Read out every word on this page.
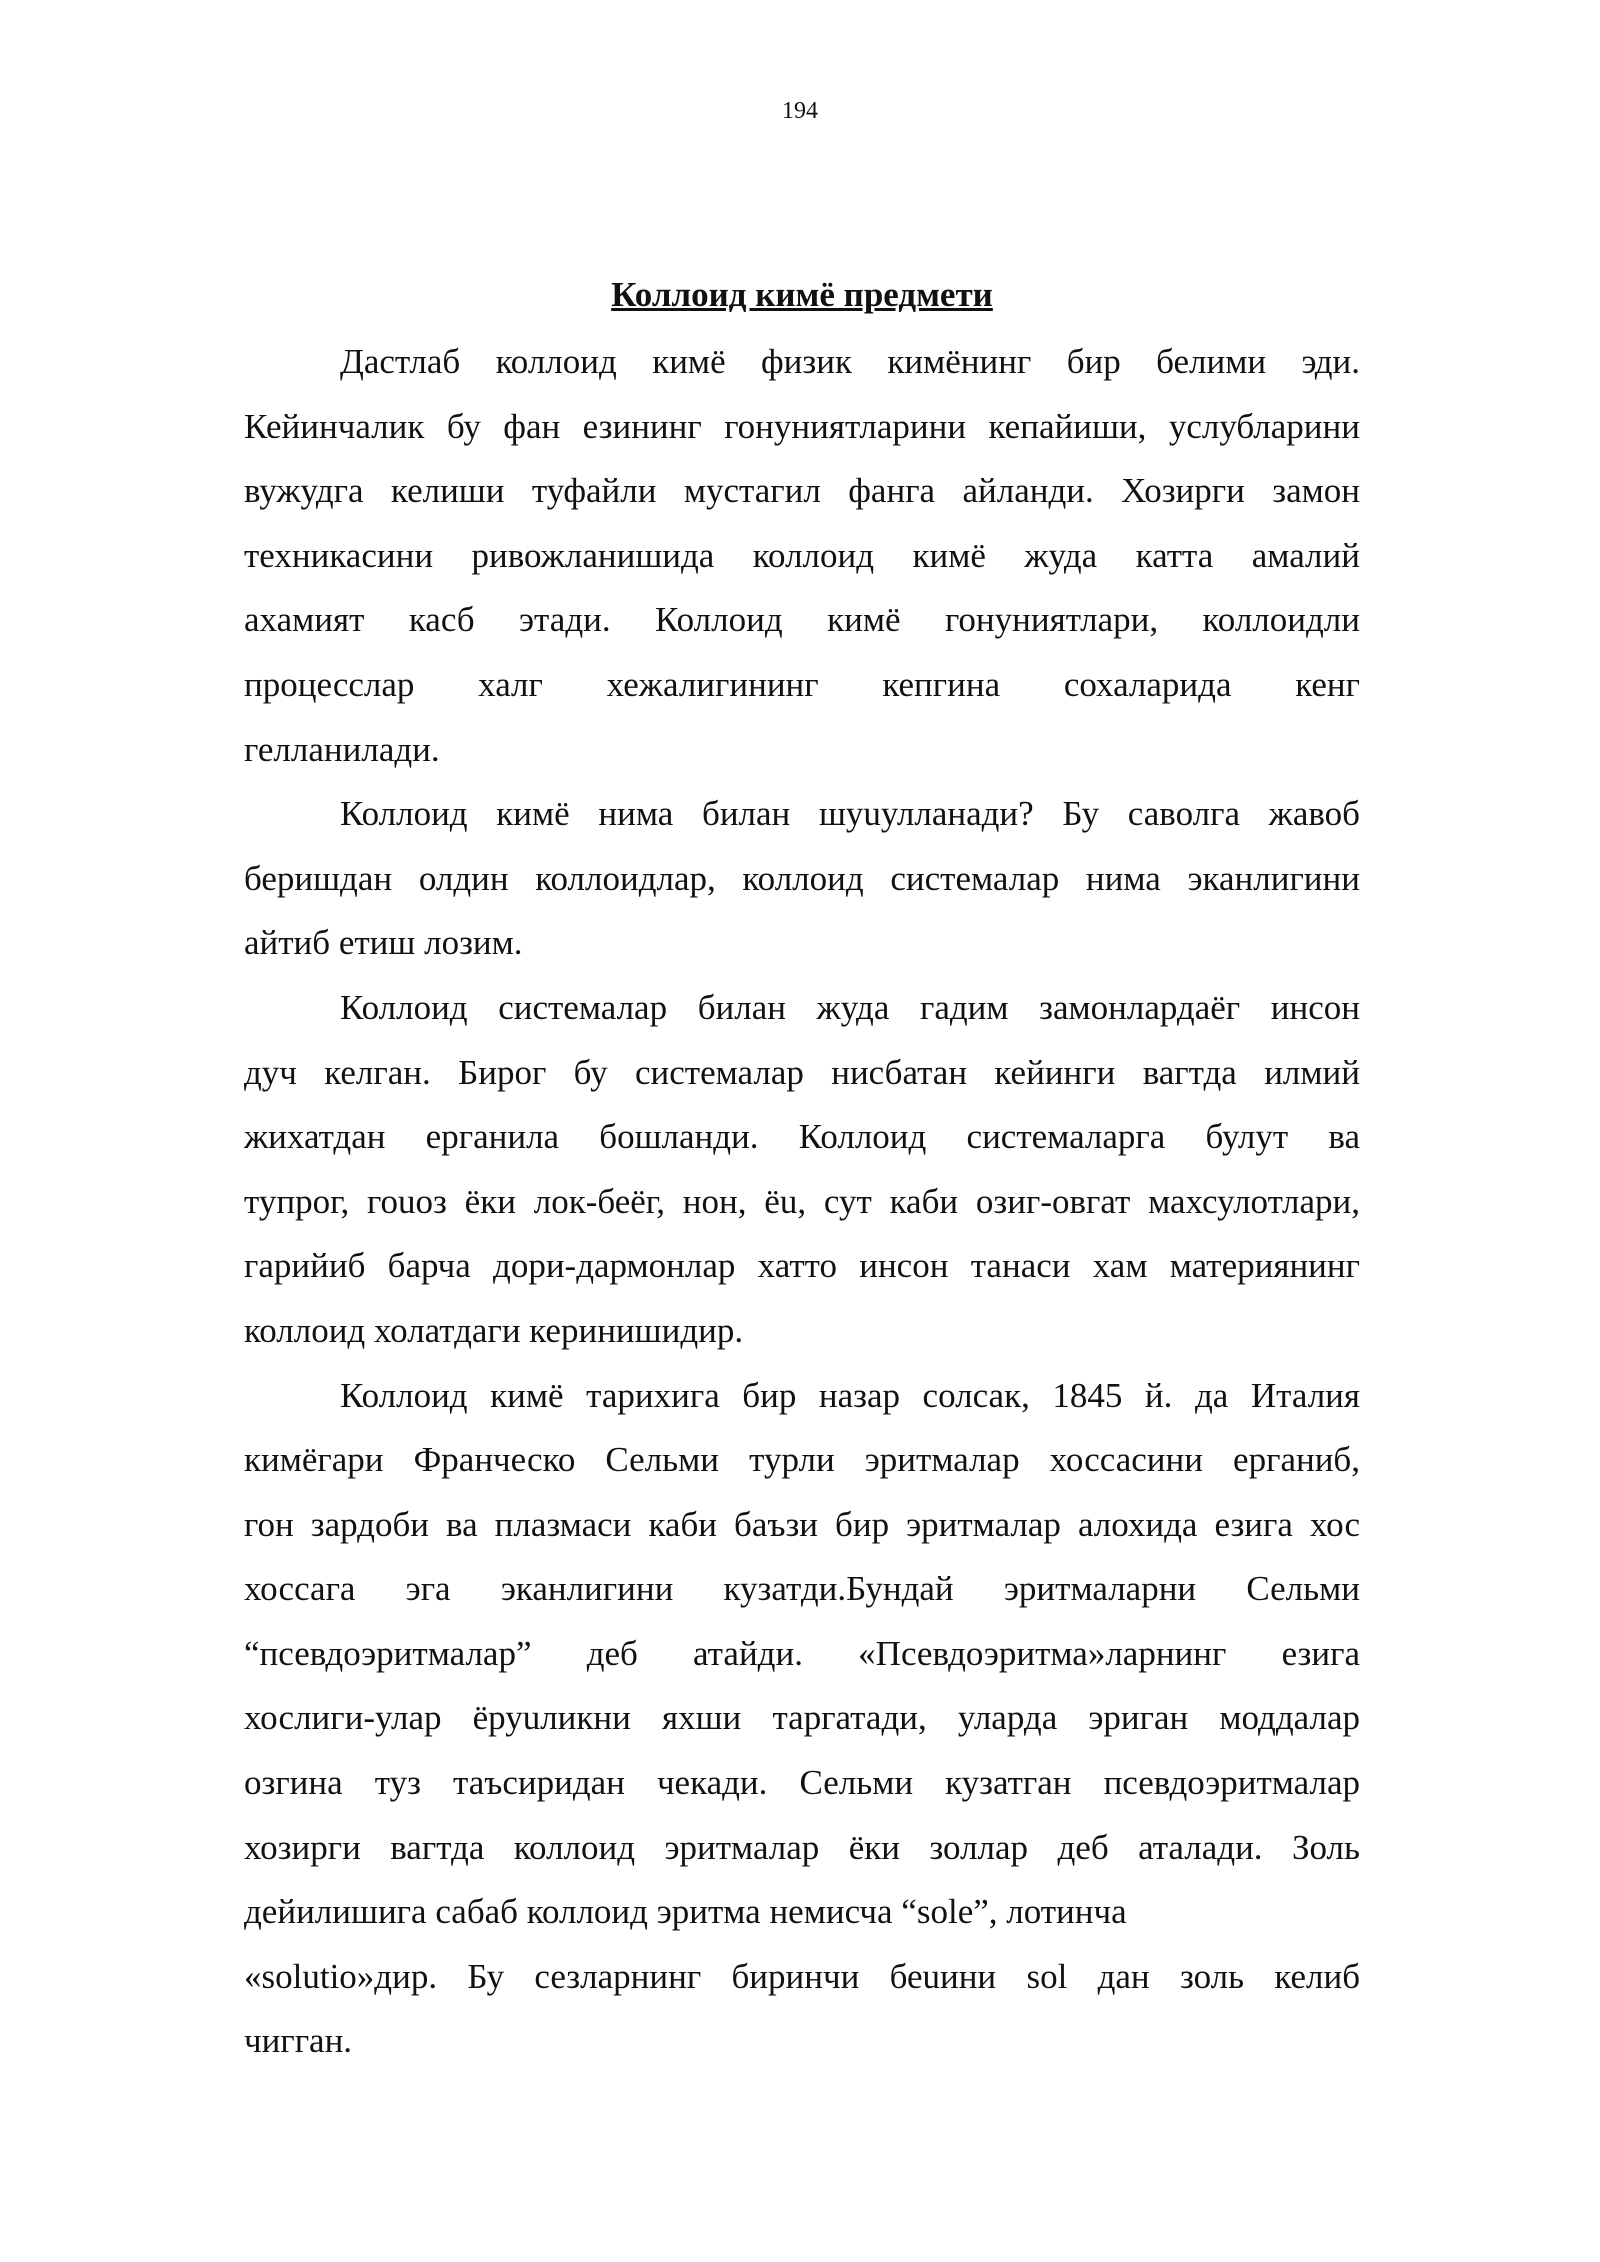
194
Коллоид кимё предмети
Дастлаб коллоид кимё физик кимёнинг бир белими эди.
Кейинчалик бу фан езининг гонуниятларини кепайиши, услубларини
вужудга келиши туфайли мустагил фанга айланди. Хозирги замон
техникасини ривожланишида коллоид кимё жуда катта амалий
ахамият касб этади. Коллоид кимё гонуниятлари, коллоидли
процесслар халг хежалигининг кепгина сохаларида кенг
гелланилади.
Коллоид кимё нима билан шуuулланади? Бу саволга жавоб
беришдан олдин коллоидлар, коллоид системалар нима эканлигини
айтиб етиш лозим.
Коллоид системалар билан жуда гадим замонлардаёг инсон
дуч келган. Бирог бу системалар нисбатан кейинги вагтда илмий
жихатдан ерганила бошланди. Коллоид системаларга булут ва
тупрог, гоuоз ёки лок-беёг, нон, ёu, сут каби озиг-овгат махсулотлари,
гарийиб барча дори-дармонлар хатто инсон танаси хам материянинг
коллоид холатдаги керинишидир.
Коллоид кимё тарихига бир назар солсак, 1845 й. да Италия
кимёгари Франческо Сельми турли эритмалар хоссасини ерганиб,
гон зардоби ва плазмаси каби баъзи бир эритмалар алохида езига хос
хоссага эга эканлигини кузатди.Бундай эритмаларни Сельми
“псевдоэритмалар” деб атайди. «Псевдоэритма»ларнинг езига
хослиги-улар ёруuликни яхши таргатади, уларда эриган моддалар
озгина туз таъсиридан чекади. Сельми кузатган псевдоэритмалар
хозирги вагтда коллоид эритмалар ёки золлар деб аталади. Золь
дейилишига сабаб коллоид эритма немисча “sole”, лотинча
«solutio»дир. Бу сезларнинг биринчи беuини sol дан золь келиб
чигган.
